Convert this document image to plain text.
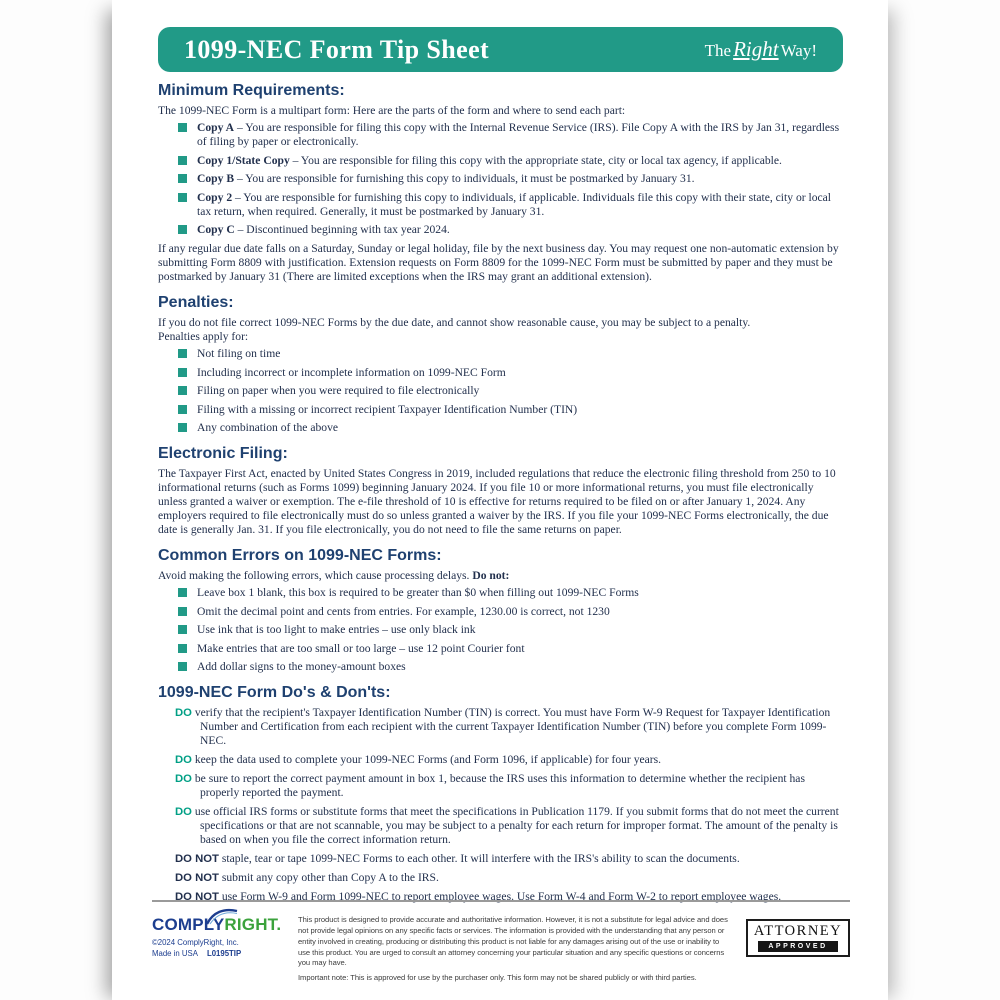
1099-NEC Form Tip Sheet	The Right Way!
Minimum Requirements:

The 1099-NEC Form is a multipart form: Here are the parts of the form and where to send each part:

Copy A – You are responsible for filing this copy with the Internal Revenue Service (IRS). File Copy A with the IRS by Jan 31, regardless of filing by paper or electronically.
Copy 1/State Copy – You are responsible for filing this copy with the appropriate state, city or local tax agency, if applicable.
Copy B – You are responsible for furnishing this copy to individuals, it must be postmarked by January 31.
Copy 2 – You are responsible for furnishing this copy to individuals, if applicable. Individuals file this copy with their state, city or local tax return, when required. Generally, it must be postmarked by January 31.
Copy C – Discontinued beginning with tax year 2024.

If any regular due date falls on a Saturday, Sunday or legal holiday, file by the next business day. You may request one non-automatic extension by submitting Form 8809 with justification. Extension requests on Form 8809 for the 1099-NEC Form must be submitted by paper and they must be postmarked by January 31 (There are limited exceptions when the IRS may grant an additional extension).

Penalties:

If you do not file correct 1099-NEC Forms by the due date, and cannot show reasonable cause, you may be subject to a penalty.

Penalties apply for:

Not filing on time
Including incorrect or incomplete information on 1099-NEC Form
Filing on paper when you were required to file electronically
Filing with a missing or incorrect recipient Taxpayer Identification Number (TIN)
Any combination of the above
Electronic Filing:

The Taxpayer First Act, enacted by United States Congress in 2019, included regulations that reduce the electronic filing threshold from 250 to 10 informational returns (such as Forms 1099) beginning January 2024. If you file 10 or more informational returns, you must file electronically unless granted a waiver or exemption. The e-file threshold of 10 is effective for returns required to be filed on or after January 1, 2024. Any employers required to file electronically must do so unless granted a waiver by the IRS. If you file your 1099-NEC Forms electronically, the due date is generally Jan. 31. If you file electronically, you do not need to file the same returns on paper.

Common Errors on 1099-NEC Forms:

Avoid making the following errors, which cause processing delays. Do not:

Leave box 1 blank, this box is required to be greater than $0 when filling out 1099-NEC Forms
Omit the decimal point and cents from entries. For example, 1230.00 is correct, not 1230
Use ink that is too light to make entries – use only black ink
Make entries that are too small or too large – use 12 point Courier font
Add dollar signs to the money-amount boxes
1099-NEC Form Do's & Don'ts:

DO verify that the recipient's Taxpayer Identification Number (TIN) is correct. You must have Form W-9 Request for Taxpayer Identification Number and Certification from each recipient with the current Taxpayer Identification Number (TIN) before you complete Form 1099-NEC.

DO keep the data used to complete your 1099-NEC Forms (and Form 1096, if applicable) for four years.

DO be sure to report the correct payment amount in box 1, because the IRS uses this information to determine whether the recipient has properly reported the payment.

DO use official IRS forms or substitute forms that meet the specifications in Publication 1179. If you submit forms that do not meet the current specifications or that are not scannable, you may be subject to a penalty for each return for improper format. The amount of the penalty is based on when you file the correct information return.

DO NOT staple, tear or tape 1099-NEC Forms to each other. It will interfere with the IRS's ability to scan the documents.

DO NOT submit any copy other than Copy A to the IRS.

DO NOT use Form W-9 and Form 1099-NEC to report employee wages. Use Form W-4 and Form W-2 to report employee wages.

COMPLYRIGHT.
©2024 ComplyRight, Inc.
Made in USA L0195TIP

This product is designed to provide accurate and authoritative information. However, it is not a substitute for legal advice and does not provide legal opinions on any specific facts or services. The information is provided with the understanding that any person or entity involved in creating, producing or distributing this product is not liable for any damages arising out of the use or inability to use this product. You are urged to consult an attorney concerning your particular situation and any specific questions or concerns you may have.

Important note: This is approved for use by the purchaser only. This form may not be shared publicly or with third parties.

ATTORNEY
APPROVED
